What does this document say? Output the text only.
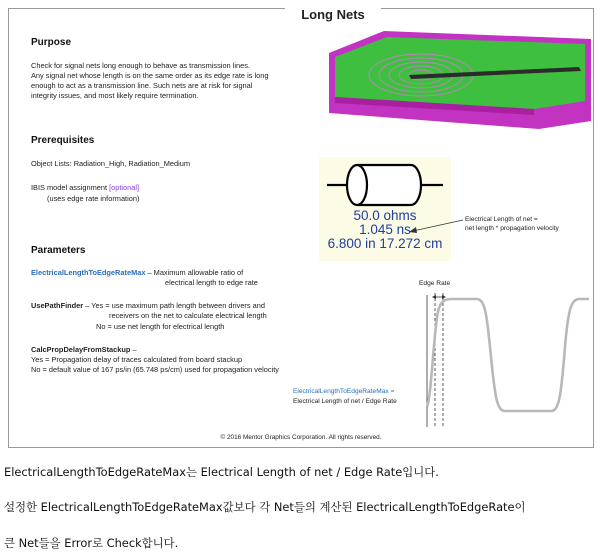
Long Nets
Purpose
Check for signal nets long enough to behave as transmission lines.
Any signal net whose length is on the same order as its edge rate is long
enough to act as a transmission line. Such nets are at risk for signal
integrity issues, and most likely require termination.
Prerequisites
Object Lists: Radiation_High, Radiation_Medium
IBIS model assignment [optional]
(uses edge rate information)
50.0 ohms
1.045 ns
6.800 in 17.272 cm
Electrical Length of net =
net length * propagation velocity
Parameters
ElectricalLengthToEdgeRateMax – Maximum allowable ratio of
electrical length to edge rate
UsePathFinder – Yes = use maximum path length between drivers and
receivers on the net to calculate electrical length
No = use net length for electrical length
CalcPropDelayFromStackup –
Yes = Propagation delay of traces calculated from board stackup
No = default value of 167 ps/in (65.748 ps/cm) used for propagation velocity
Edge Rate
ElectricalLengthToEdgeRateMax =
Electrical Length of net / Edge Rate
© 2016 Mentor Graphics Corporation. All rights reserved.
ElectricalLengthToEdgeRateMax는 Electrical Length of net / Edge Rate입니다.
설정한 ElectricalLengthToEdgeRateMax값보다 각 Net들의 계산된 ElectricalLengthToEdgeRate이
큰 Net들을 Error로 Check합니다.
